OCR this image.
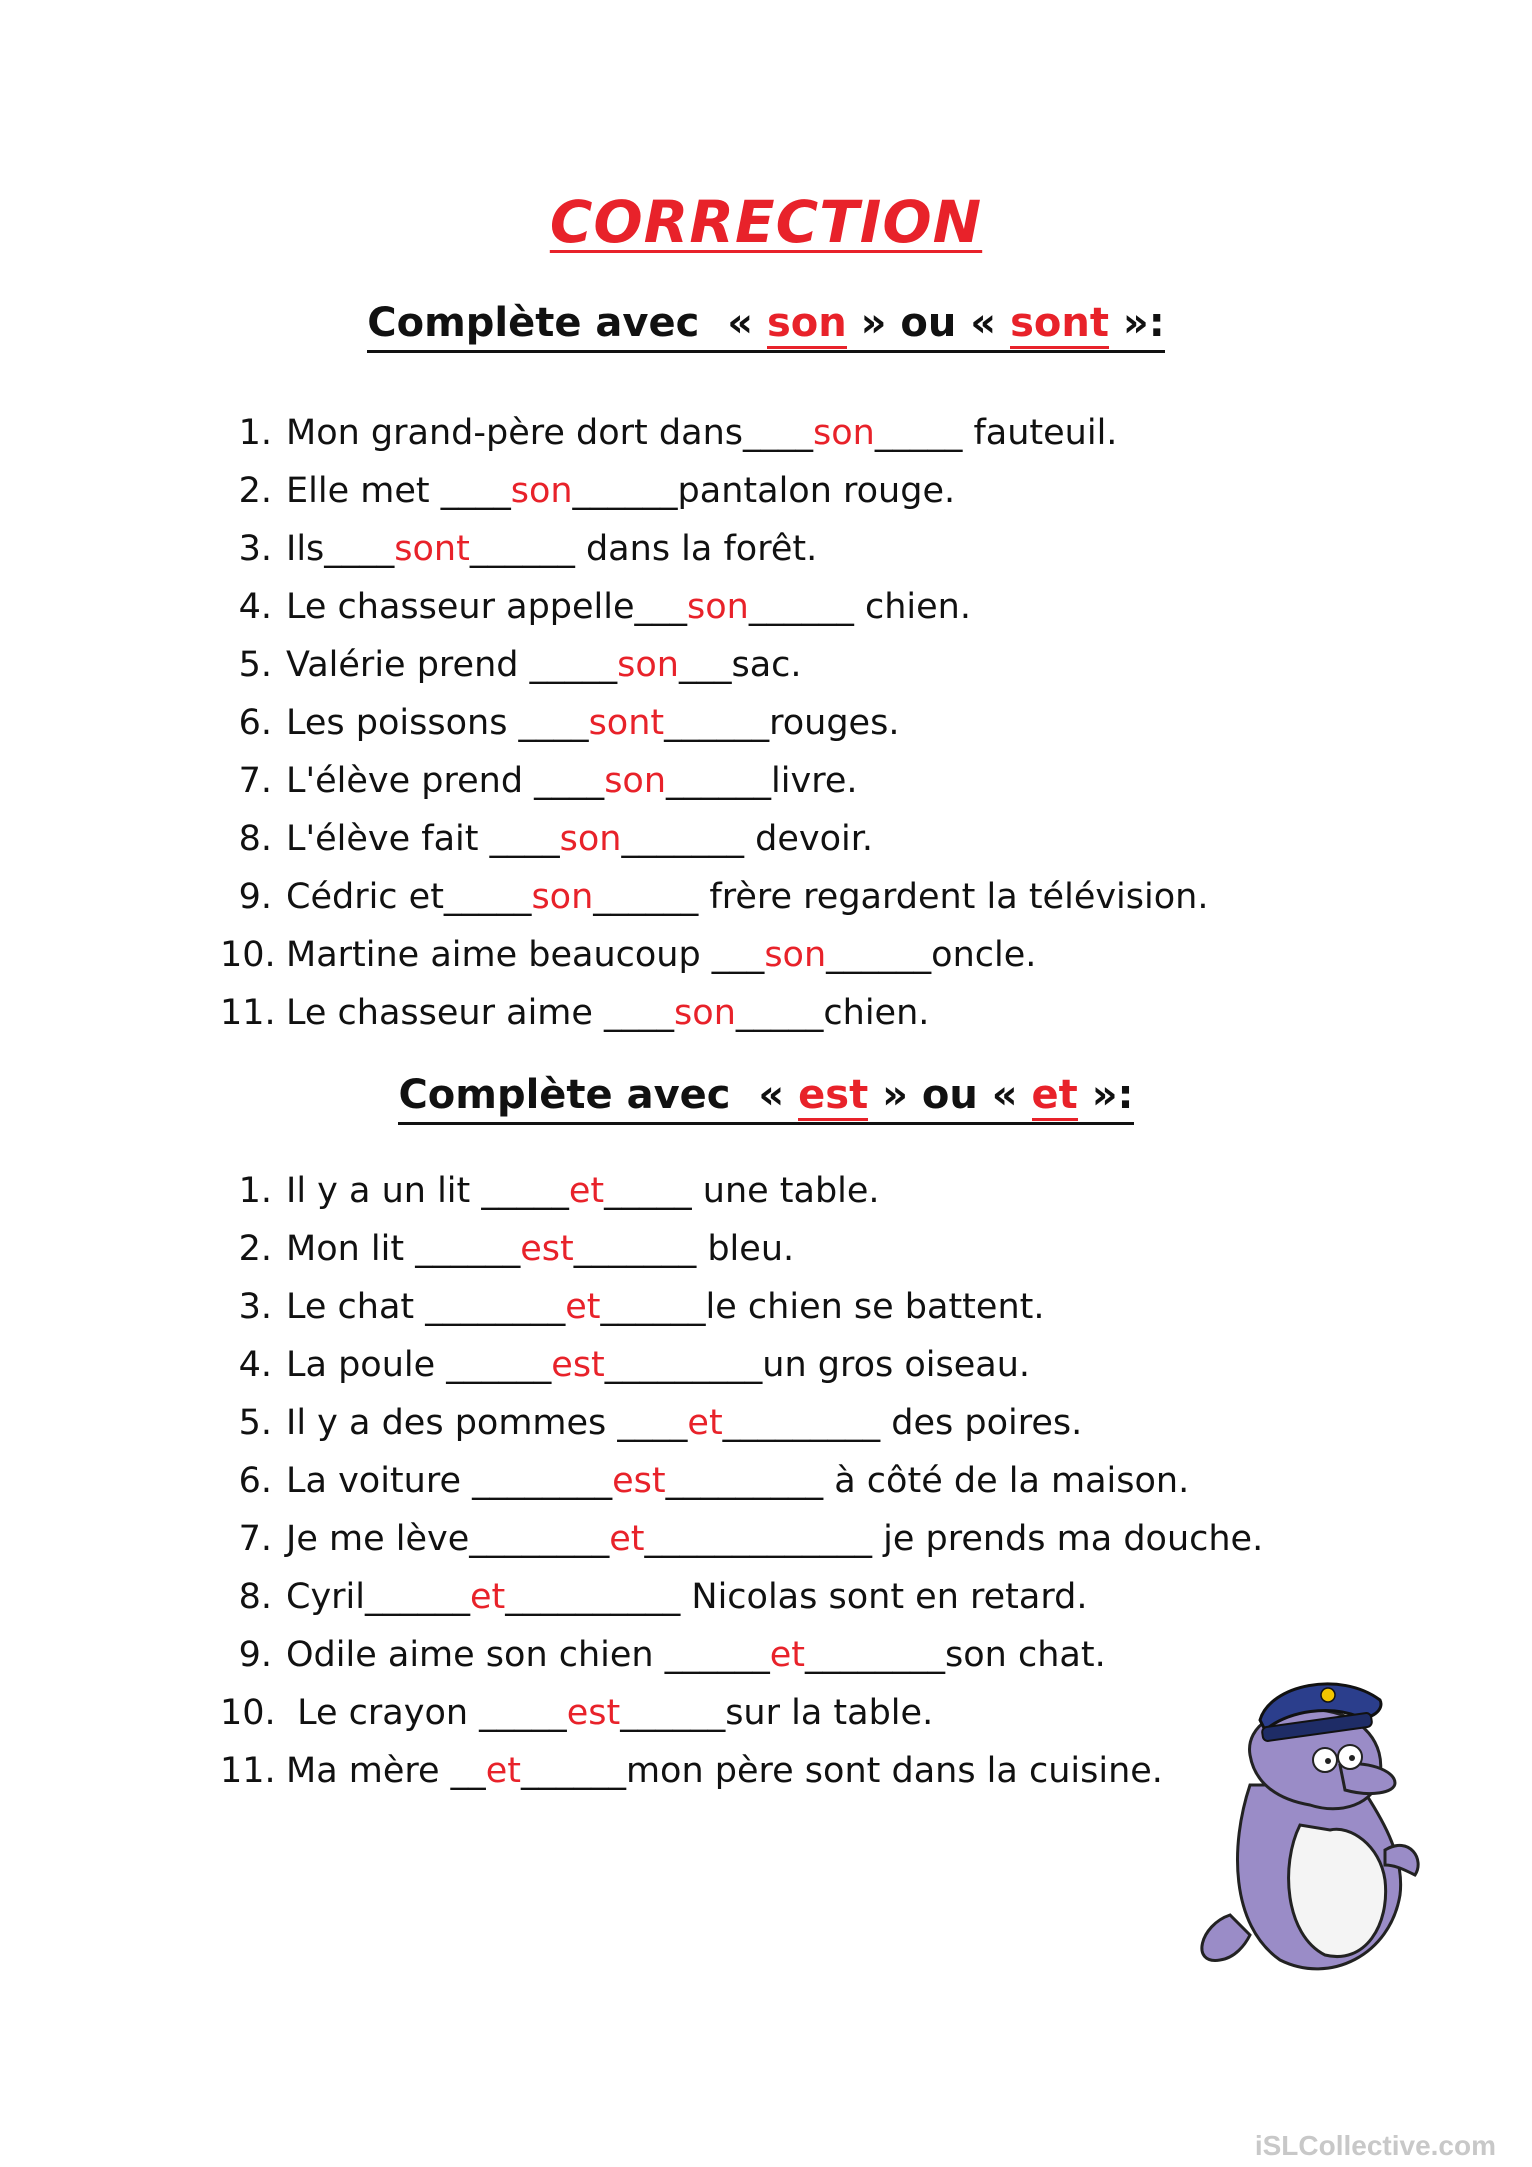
CORRECTION
Complète avec  « son » ou « sont »:
1. Mon grand-père dort dans____son_____ fauteuil.
2. Elle met ____son______pantalon rouge.
3. Ils____sont______ dans la forêt.
4. Le chasseur appelle___son______ chien.
5. Valérie prend _____son___sac.
6. Les poissons ____sont______rouges.
7. L'élève prend ____son______livre.
8. L'élève fait ____son_______ devoir.
9. Cédric et_____son______ frère regardent la télévision.
10. Martine aime beaucoup ___son______oncle.
11. Le chasseur aime ____son_____chien.
Complète avec  « est » ou « et »:
1. Il y a un lit _____et_____ une table.
2. Mon lit ______est_______ bleu.
3. Le chat ________et______le chien se battent.
4. La poule ______est_________un gros oiseau.
5. Il y a des pommes ____et_________ des poires.
6. La voiture ________est_________ à côté de la maison.
7. Je me lève________et_____________ je prends ma douche.
8. Cyril______et__________ Nicolas sont en retard.
9. Odile aime son chien ______et________son chat.
10. Le crayon _____est______sur la table.
11. Ma mère __et______mon père sont dans la cuisine.
iSLCollective.com
